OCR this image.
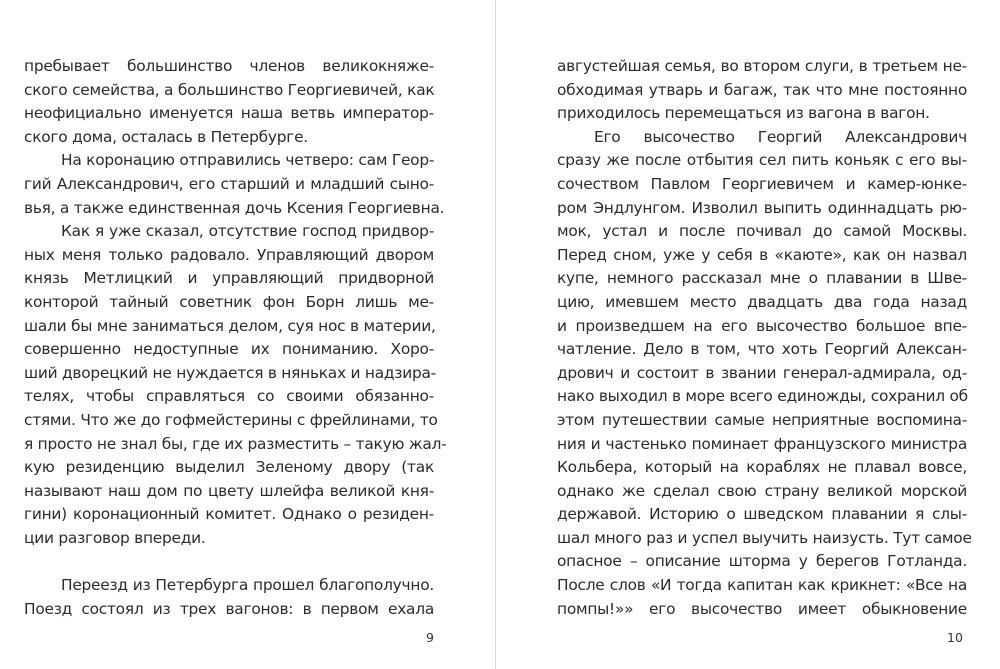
пребывает большинство членов великокняже-
ского семейства, а большинство Георгиевичей, как
неофициально именуется наша ветвь император-
ского дома, осталась в Петербурге.
На коронацию отправились четверо: сам Геор-
гий Александрович, его старший и младший сыно-
вья, а также единственная дочь Ксения Георгиевна.
Как я уже сказал, отсутствие господ придвор-
ных меня только радовало. Управляющий двором
князь Метлицкий и управляющий придворной
конторой тайный советник фон Борн лишь ме-
шали бы мне заниматься делом, суя нос в материи,
совершенно недоступные их пониманию. Хоро-
ший дворецкий не нуждается в няньках и надзира-
телях, чтобы справляться со своими обязанно-
стями. Что же до гофмейстерины с фрейлинами, то
я просто не знал бы, где их разместить – такую жал-
кую резиденцию выделил Зеленому двору (так
называют наш дом по цвету шлейфа великой кня-
гини) коронационный комитет. Однако о резиден-
ции разговор впереди.
Переезд из Петербурга прошел благополучно.
Поезд состоял из трех вагонов: в первом ехала
9
августейшая семья, во втором слуги, в третьем не-
обходимая утварь и багаж, так что мне постоянно
приходилось перемещаться из вагона в вагон.
Его высочество Георгий Александрович
сразу же после отбытия сел пить коньяк с его вы-
сочеством Павлом Георгиевичем и камер-юнке-
ром Эндлунгом. Изволил выпить одиннадцать рю-
мок, устал и после почивал до самой Москвы.
Перед сном, уже у себя в «каюте», как он назвал
купе, немного рассказал мне о плавании в Шве-
цию, имевшем место двадцать два года назад
и произведшем на его высочество большое впе-
чатление. Дело в том, что хоть Георгий Алексан-
дрович и состоит в звании генерал-адмирала, од-
нако выходил в море всего единожды, сохранил об
этом путешествии самые неприятные воспомина-
ния и частенько поминает французского министра
Кольбера, который на кораблях не плавал вовсе,
однако же сделал свою страну великой морской
державой. Историю о шведском плавании я слы-
шал много раз и успел выучить наизусть. Тут самое
опасное – описание шторма у берегов Готланда.
После слов «И тогда капитан как крикнет: «Все на
помпы!»» его высочество имеет обыкновение
10
